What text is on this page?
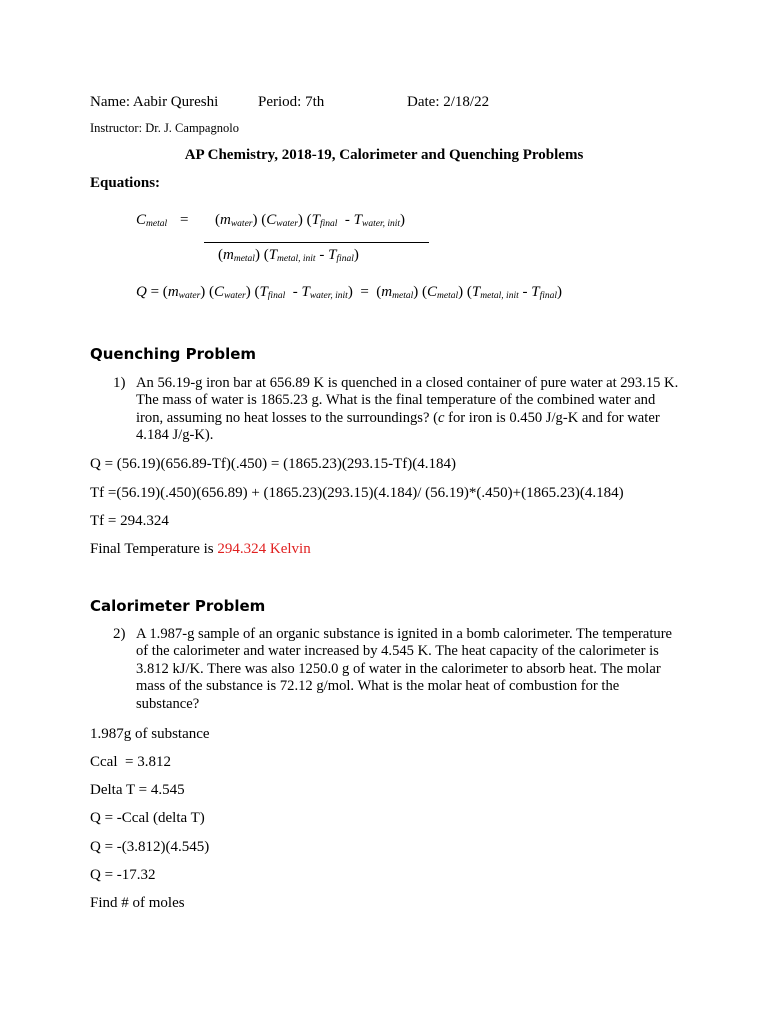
Name: Aabir Qureshi	Period: 7th	Date: 2/18/22
Instructor: Dr. J. Campagnolo
AP Chemistry, 2018-19, Calorimeter and Quenching Problems
Equations:
$C_{metal} = (m_{water})$ $(C_{water})$ $(T_{final} - T_{water, init})$
$(m_{metal})$ $(T_{metal, init} - T_{final})$
$Q = (m_{water})$ $(C_{water})$ $(T_{final} - T_{water, init}) = (m_{metal})$ $(C_{metal})$ $(T_{metal, init} - T_{final})$
Quenching Problem
1) An 56.19-g iron bar at 656.89 K is quenched in a closed container of pure water at 293.15 K. The mass of water is 1865.23 g. What is the final temperature of the combined water and iron, assuming no heat losses to the surroundings? (c for iron is 0.450 J/g-K and for water 4.184 J/g-K).
Q = (56.19)(656.89-Tf)(.450) = (1865.23)(293.15-Tf)(4.184)
Tf =(56.19)(.450)(656.89) + (1865.23)(293.15)(4.184)/ (56.19)*(.450)+(1865.23)(4.184)
Tf = 294.324
Final Temperature is 294.324 Kelvin
Calorimeter Problem
2) A 1.987-g sample of an organic substance is ignited in a bomb calorimeter. The temperature of the calorimeter and water increased by 4.545 K. The heat capacity of the calorimeter is 3.812 kJ/K. There was also 1250.0 g of water in the calorimeter to absorb heat. The molar mass of the substance is 72.12 g/mol. What is the molar heat of combustion for the substance?
1.987g of substance
Ccal  = 3.812
Delta T = 4.545
Q = -Ccal (delta T)
Q = -(3.812)(4.545)
Q = -17.32
Find # of moles
